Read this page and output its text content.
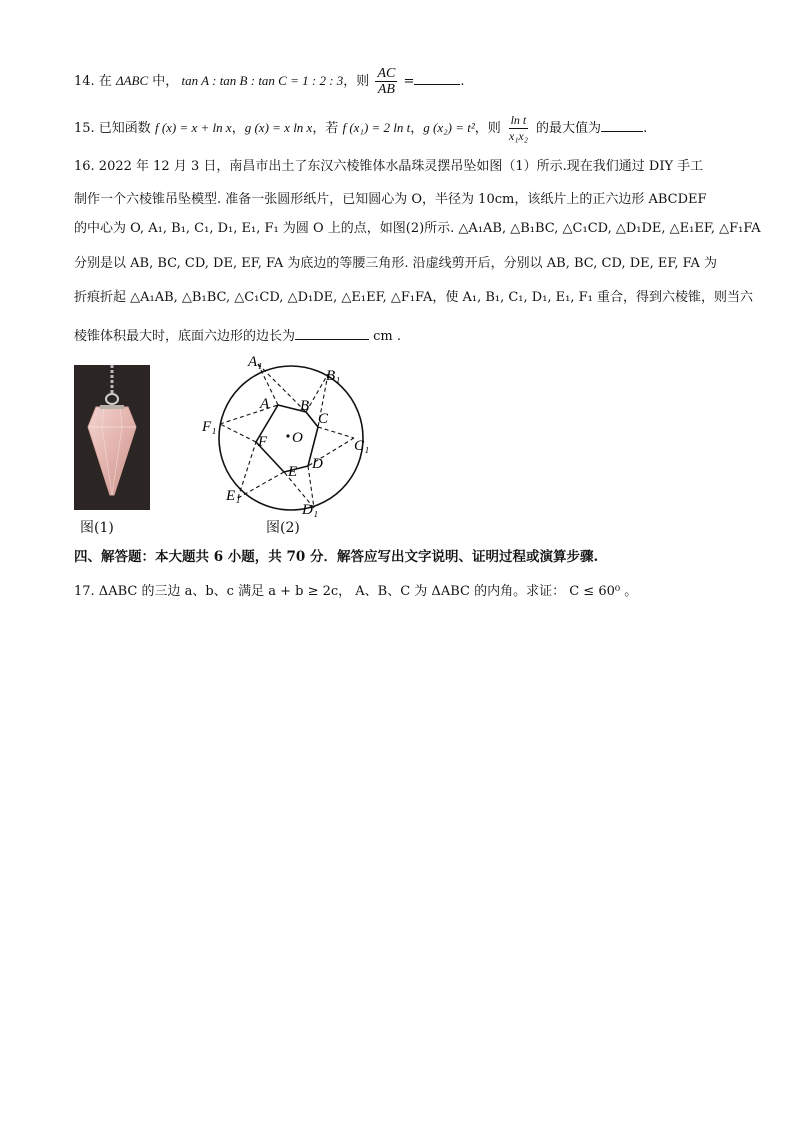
14. 在 ΔABC 中， tan A : tan B : tan C = 1 : 2 : 3，则 $\frac{AC}{AB}$ =	.
15. 已知函数 f (x) = x + ln x，g (x) = x ln x，若 f (x₁) = 2 ln t，g (x₂) = t²，则 $\frac{\text{ln t}}{\text{x₁x₂}}$ 的最大值为	.
16. 2022 年 12 月 3 日，南昌市出土了东汉六棱锥体水晶珠灵摆吊坠如图（1）所示.现在我们通过 DIY 手工
制作一个六棱锥吊坠模型. 准备一张圆形纸片，已知圆心为 O，半径为 10cm，该纸片上的正六边形 ABCDEF
的中心为 O, A₁, B₁, C₁, D₁, E₁, F₁ 为圆 O 上的点，如图(2)所示. △A₁AB, △B₁BC, △C₁CD, △D₁DE, △E₁EF, △F₁FA
分别是以 AB, BC, CD, DE, EF, FA 为底边的等腰三角形. 沿虚线剪开后，分别以 AB, BC, CD, DE, EF, FA 为
折痕折起 △A₁AB, △B₁BC, △C₁CD, △D₁DE, △E₁EF, △F₁FA，使 A₁, B₁, C₁, D₁, E₁, F₁ 重合，得到六棱锥，则当六
棱锥体积最大时，底面六边形的边长为	cm .
图(1)
O
A₁
B₁
C₁
D₁
E₁
F₁
A B
C
D
E
F
图(2)
四、解答题：本大题共 6 小题，共 70 分．解答应写出文字说明、证明过程或演算步骤.
17. ΔABC 的三边 a、b、c 满足 a + b ≥ 2c， A、B、C 为 ΔABC 的内角。求证： C ≤ 60⁰ 。
